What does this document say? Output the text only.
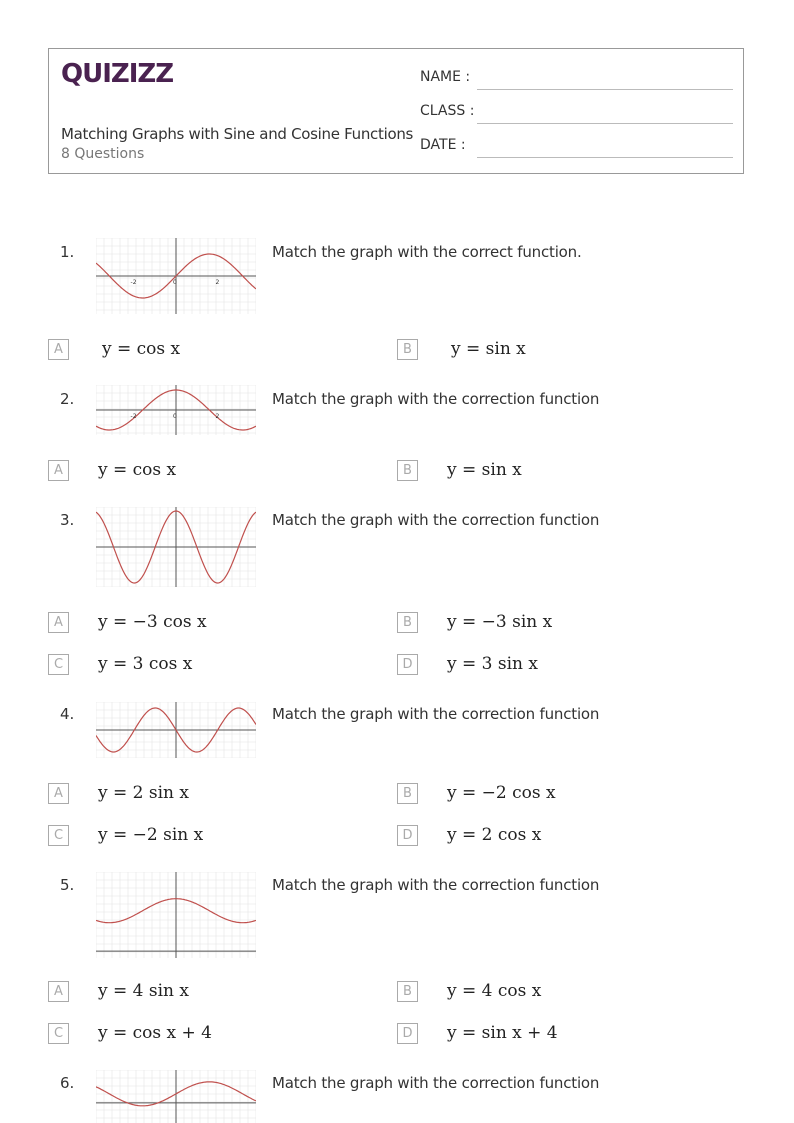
QUIZIZZ
Matching Graphs with Sine and Cosine Functions
8 Questions
NAME :
CLASS :
DATE :
1.
-2	0	2
Match the graph with the correct function.
A	y = cos x	B	y = sin x
2.
-2	0	2
Match the graph with the correction function
A	y = cos x	B	y = sin x
3.	Match the graph with the correction function
A	y = −3 cos x	B	y = −3 sin x
C	y = 3 cos x	D	y = 3 sin x
4.	Match the graph with the correction function
A	y = 2 sin x	B	y = −2 cos x
C	y = −2 sin x	D	y = 2 cos x
5.	Match the graph with the correction function
A	y = 4 sin x	B	y = 4 cos x
C	y = cos x + 4	D	y = sin x + 4
6.	Match the graph with the correction function
